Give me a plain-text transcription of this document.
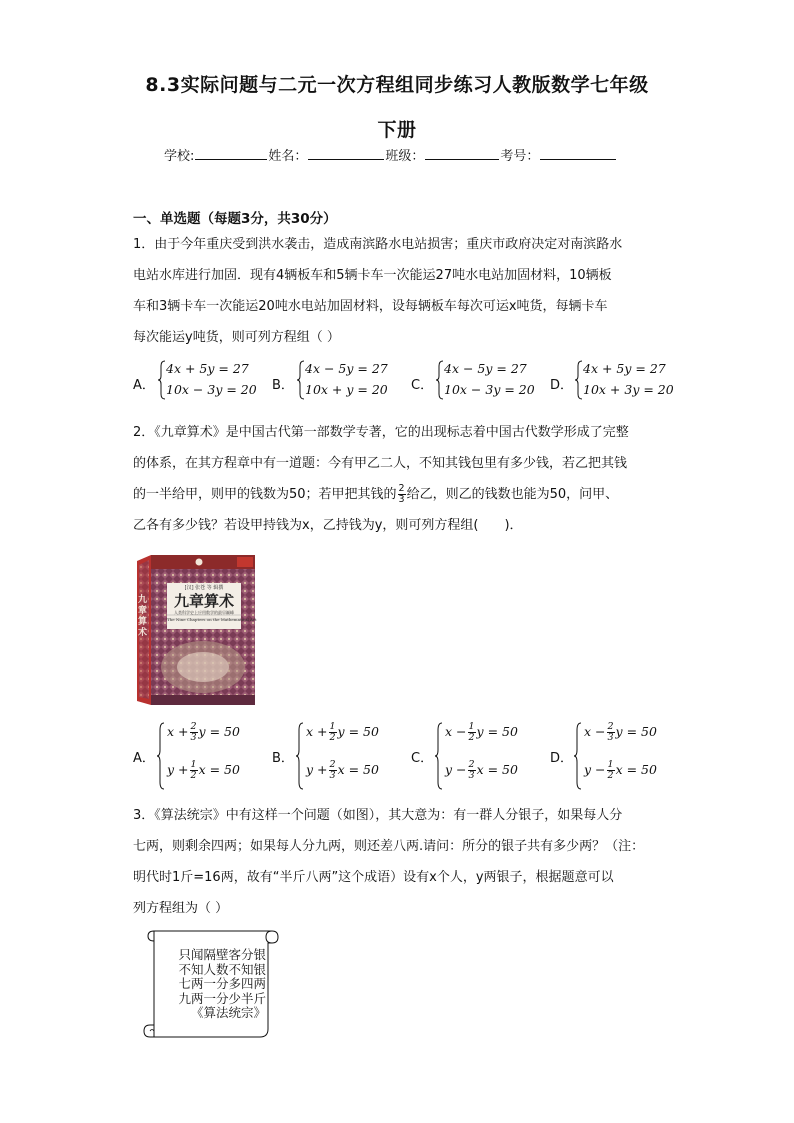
8.3实际问题与二元一次方程组同步练习人教版数学七年级
下册
学校:	姓名：	班级：	考号：
一、单选题（每题3分，共30分）
1．由于今年重庆受到洪水袭击，造成南滨路水电站损害；重庆市政府决定对南滨路水
电站水库进行加固．现有4辆板车和5辆卡车一次能运27吨水电站加固材料，10辆板
车和3辆卡车一次能运20吨水电站加固材料，设每辆板车每次可运x吨货，每辆卡车
每次能运y吨货，则可列方程组（ ）
A．
4x + 5y = 27
10x − 3y = 20 B．
4x − 5y = 27
10x + y = 20 C．
4x − 5y = 27
10x − 3y = 20 D．
4x + 5y = 27
10x + 3y = 20
2．《九章算术》是中国古代第一部数学专著，它的出现标志着中国古代数学形成了完整
的体系，在其方程章中有一道题：今有甲乙二人，不知其钱包里有多少钱，若乙把其钱
的一半给甲，则甲的钱数为50；若甲把其钱的 $\frac{2}{3}$ 给乙，则乙的钱数也能为50，问甲、
乙各有多少钱？若设甲持钱为x，乙持钱为y，则可列方程组(　　)．
[汉] 张苍 等 辑撰
九章算术
人类科学史上应用数学的最早巅峰
The Nine Chapters on the Mathematical Art
九章算术
A．
$x + \frac{2}{3}$ y = 50
$y + \frac{1}{2}$ x = 50
B．
$x + \frac{1}{2}$ y = 50
$y + \frac{2}{3}$ x = 50
C．
$x - \frac{1}{2}$ y = 50
$y - \frac{2}{3}$ x = 50
D．
$x - \frac{2}{3}$ y = 50
$y - \frac{1}{2}$ x = 50
3．《算法统宗》中有这样一个问题（如图），其大意为：有一群人分银子，如果每人分
七两，则剩余四两；如果每人分九两，则还差八两.请问：所分的银子共有多少两？（注：
明代时1斤=16两，故有“半斤八两”这个成语）设有x个人，y两银子，根据题意可以
列方程组为（ ）
只闻隔壁客分银
不知人数不知银
七两一分多四两
九两一分少半斤
《算法统宗》
